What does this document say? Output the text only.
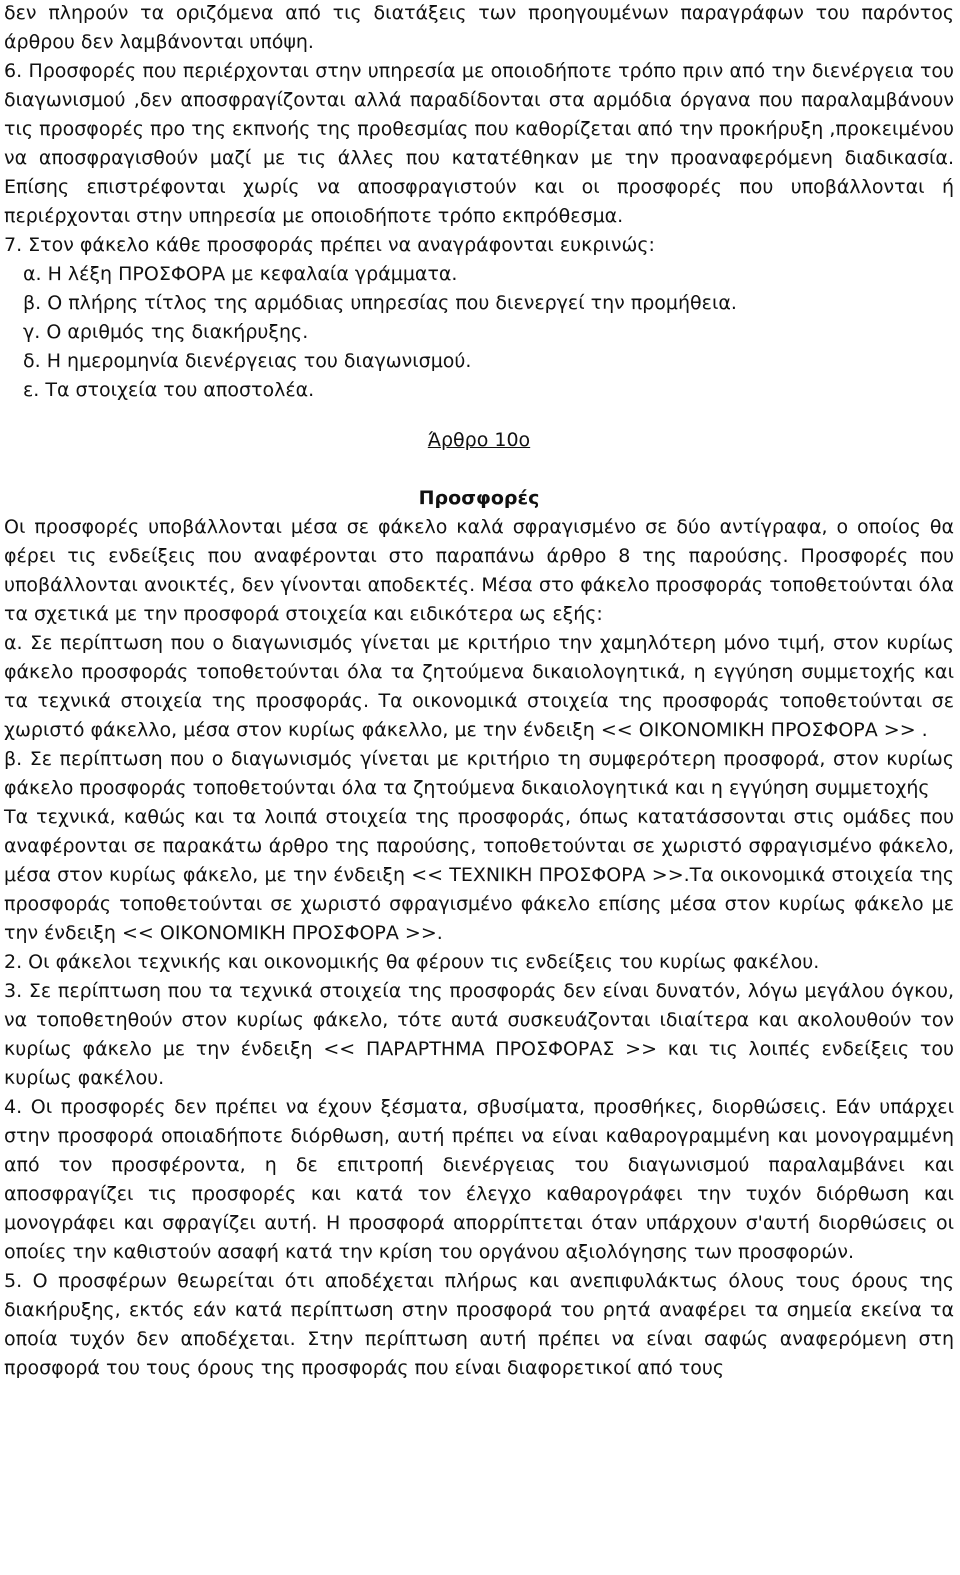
δεν πληρούν τα οριζόμενα από τις διατάξεις των προηγουμένων παραγράφων του παρόντος άρθρου δεν λαμβάνονται υπόψη.

6. Προσφορές που περιέρχονται στην υπηρεσία με οποιοδήποτε τρόπο πριν από την διενέργεια του διαγωνισμού ,δεν αποσφραγίζονται αλλά παραδίδονται στα αρμόδια όργανα που παραλαμβάνουν τις προσφορές προ της εκπνοής της προθεσμίας που καθορίζεται από την προκήρυξη ,προκειμένου να αποσφραγισθούν μαζί με τις άλλες που κατατέθηκαν με την προαναφερόμενη διαδικασία. Επίσης επιστρέφονται χωρίς να αποσφραγιστούν και οι προσφορές που υποβάλλονται ή περιέρχονται στην υπηρεσία με οποιοδήποτε τρόπο εκπρόθεσμα.

7. Στον φάκελο κάθε προσφοράς πρέπει να αναγράφονται ευκρινώς:

α. Η λέξη ΠΡΟΣΦΟΡΑ με κεφαλαία γράμματα.

β. Ο πλήρης τίτλος της αρμόδιας υπηρεσίας που διενεργεί την προμήθεια.

γ. Ο αριθμός της διακήρυξης.

δ. Η ημερομηνία διενέργειας του διαγωνισμού.

ε. Τα στοιχεία του αποστολέα.

Άρθρο 10ο

Προσφορές

Οι προσφορές υποβάλλονται μέσα σε φάκελο καλά σφραγισμένο σε δύο αντίγραφα, ο οποίος θα φέρει τις ενδείξεις που αναφέρονται στο παραπάνω άρθρο 8 της παρούσης. Προσφορές που υποβάλλονται ανοικτές, δεν γίνονται αποδεκτές. Μέσα στο φάκελο προσφοράς τοποθετούνται όλα τα σχετικά με την προσφορά στοιχεία και ειδικότερα ως εξής:

α. Σε περίπτωση που ο διαγωνισμός γίνεται με κριτήριο την χαμηλότερη μόνο τιμή, στον κυρίως φάκελο προσφοράς τοποθετούνται όλα τα ζητούμενα δικαιολογητικά, η εγγύηση συμμετοχής και τα τεχνικά στοιχεία της προσφοράς. Τα οικονομικά στοιχεία της προσφοράς τοποθετούνται σε χωριστό φάκελλο, μέσα στον κυρίως φάκελλο, με την ένδειξη << ΟΙΚΟΝΟΜΙΚΗ ΠΡΟΣΦΟΡΑ >> .

β. Σε περίπτωση που ο διαγωνισμός γίνεται με κριτήριο τη συμφερότερη προσφορά, στον κυρίως φάκελο προσφοράς τοποθετούνται όλα τα ζητούμενα δικαιολογητικά και η εγγύηση συμμετοχής

Τα τεχνικά, καθώς και τα λοιπά στοιχεία της προσφοράς, όπως κατατάσσονται στις ομάδες που αναφέρονται σε παρακάτω άρθρο της παρούσης, τοποθετούνται σε χωριστό σφραγισμένο φάκελο, μέσα στον κυρίως φάκελο, με την ένδειξη << ΤΕΧΝΙΚΗ ΠΡΟΣΦΟΡΑ >>.Τα οικονομικά στοιχεία της προσφοράς τοποθετούνται σε χωριστό σφραγισμένο φάκελο επίσης μέσα στον κυρίως φάκελο με την ένδειξη << ΟΙΚΟΝΟΜΙΚΗ ΠΡΟΣΦΟΡΑ >>.

2. Οι φάκελοι τεχνικής και οικονομικής θα φέρουν τις ενδείξεις του κυρίως φακέλου.

3. Σε περίπτωση που τα τεχνικά στοιχεία της προσφοράς δεν είναι δυνατόν, λόγω μεγάλου όγκου, να τοποθετηθούν στον κυρίως φάκελο, τότε αυτά συσκευάζονται ιδιαίτερα και ακολουθούν τον κυρίως φάκελο με την ένδειξη << ΠΑΡΑΡΤΗΜΑ ΠΡΟΣΦΟΡΑΣ >> και τις λοιπές ενδείξεις του κυρίως φακέλου.

4. Οι προσφορές δεν πρέπει να έχουν ξέσματα, σβυσίματα, προσθήκες, διορθώσεις. Εάν υπάρχει στην προσφορά οποιαδήποτε διόρθωση, αυτή πρέπει να είναι καθαρογραμμένη και μονογραμμένη από τον προσφέροντα, η δε επιτροπή διενέργειας του διαγωνισμού παραλαμβάνει και αποσφραγίζει τις προσφορές και κατά τον έλεγχο καθαρογράφει την τυχόν διόρθωση και μονογράφει και σφραγίζει αυτή. Η προσφορά απορρίπτεται όταν υπάρχουν σ'αυτή διορθώσεις οι οποίες την καθιστούν ασαφή κατά την κρίση του οργάνου αξιολόγησης των προσφορών.

5. Ο προσφέρων θεωρείται ότι αποδέχεται πλήρως και ανεπιφυλάκτως όλους τους όρους της διακήρυξης, εκτός εάν κατά περίπτωση στην προσφορά του ρητά αναφέρει τα σημεία εκείνα τα οποία τυχόν δεν αποδέχεται. Στην περίπτωση αυτή πρέπει να είναι σαφώς αναφερόμενη στη προσφορά του τους όρους της προσφοράς που είναι διαφορετικοί από τους
